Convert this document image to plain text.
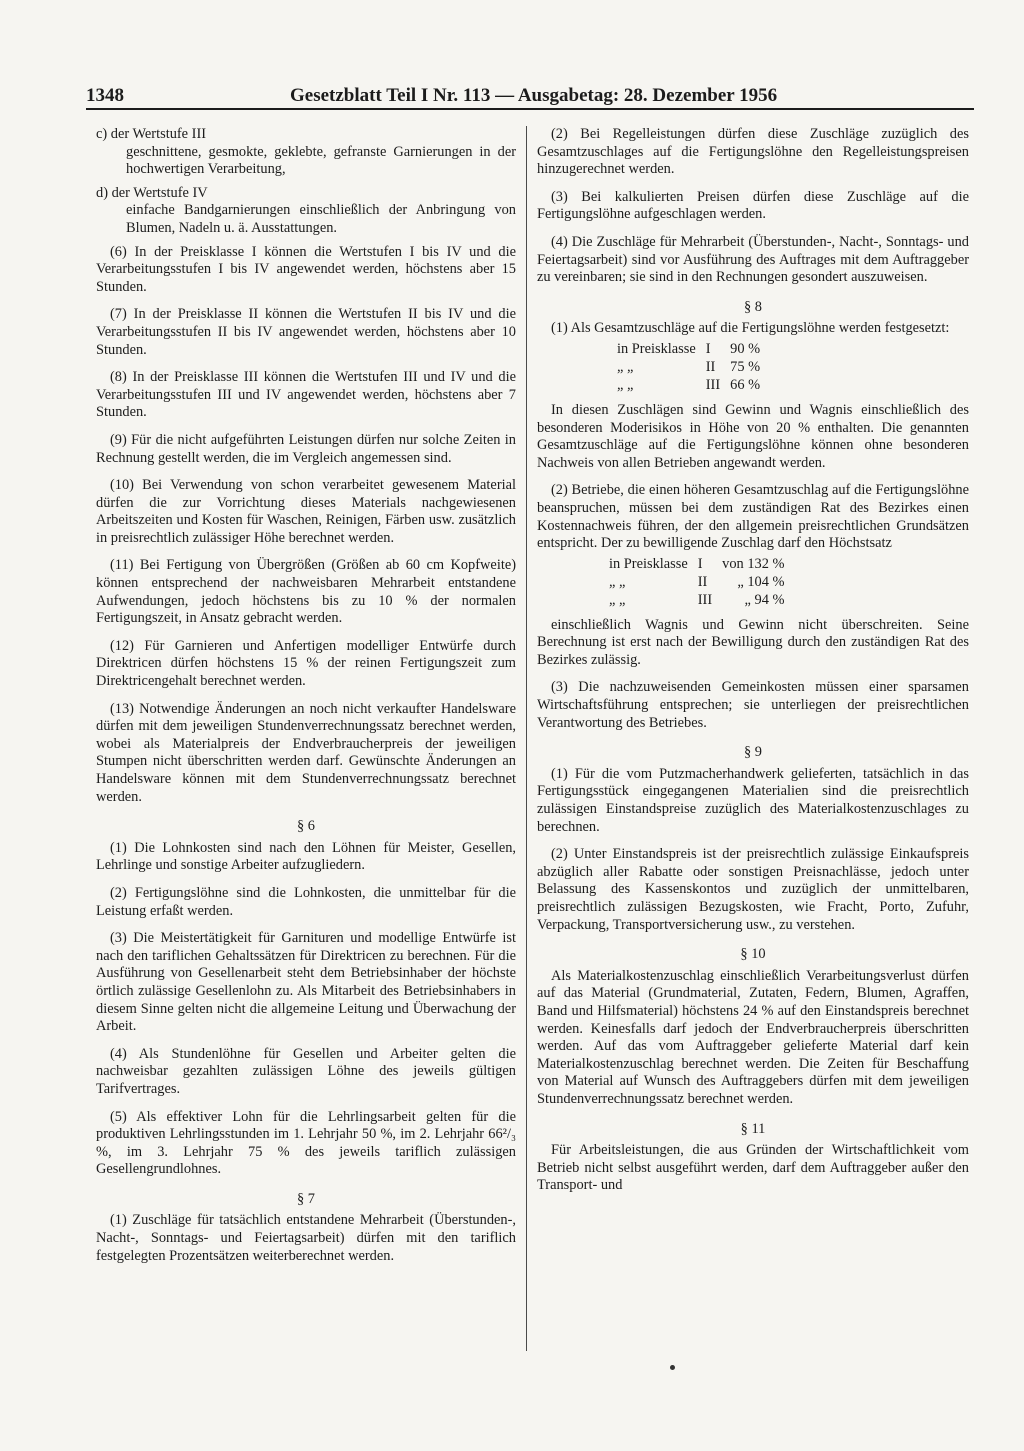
1348	Gesetzblatt Teil I Nr. 113 — Ausgabetag: 28. Dezember 1956
c) der Wertstufe III
geschnittene, gesmokte, geklebte, gefranste Garnierungen in der hochwertigen Verarbeitung,
d) der Wertstufe IV
einfache Bandgarnierungen einschließlich der Anbringung von Blumen, Nadeln u. ä. Ausstattungen.

(6) In der Preisklasse I können die Wertstufen I bis IV und die Verarbeitungsstufen I bis IV angewendet werden, höchstens aber 15 Stunden.

(7) In der Preisklasse II können die Wertstufen II bis IV und die Verarbeitungsstufen II bis IV angewendet werden, höchstens aber 10 Stunden.

(8) In der Preisklasse III können die Wertstufen III und IV und die Verarbeitungsstufen III und IV angewendet werden, höchstens aber 7 Stunden.

(9) Für die nicht aufgeführten Leistungen dürfen nur solche Zeiten in Rechnung gestellt werden, die im Vergleich angemessen sind.

(10) Bei Verwendung von schon verarbeitet gewesenem Material dürfen die zur Vorrichtung dieses Materials nachgewiesenen Arbeitszeiten und Kosten für Waschen, Reinigen, Färben usw. zusätzlich in preisrechtlich zulässiger Höhe berechnet werden.

(11) Bei Fertigung von Übergrößen (Größen ab 60 cm Kopfweite) können entsprechend der nachweisbaren Mehrarbeit entstandene Aufwendungen, jedoch höchstens bis zu 10 % der normalen Fertigungszeit, in Ansatz gebracht werden.

(12) Für Garnieren und Anfertigen modelliger Entwürfe durch Direktricen dürfen höchstens 15 % der reinen Fertigungszeit zum Direktricengehalt berechnet werden.

(13) Notwendige Änderungen an noch nicht verkaufter Handelsware dürfen mit dem jeweiligen Stundenverrechnungssatz berechnet werden, wobei als Materialpreis der Endverbraucherpreis der jeweiligen Stumpen nicht überschritten werden darf. Gewünschte Änderungen an Handelsware können mit dem Stundenverrechnungssatz berechnet werden.

§ 6

(1) Die Lohnkosten sind nach den Löhnen für Meister, Gesellen, Lehrlinge und sonstige Arbeiter aufzugliedern.

(2) Fertigungslöhne sind die Lohnkosten, die unmittelbar für die Leistung erfaßt werden.

(3) Die Meistertätigkeit für Garnituren und modellige Entwürfe ist nach den tariflichen Gehaltssätzen für Direktricen zu berechnen. Für die Ausführung von Gesellenarbeit steht dem Betriebsinhaber der höchste örtlich zulässige Gesellenlohn zu. Als Mitarbeit des Betriebsinhabers in diesem Sinne gelten nicht die allgemeine Leitung und Überwachung der Arbeit.

(4) Als Stundenlöhne für Gesellen und Arbeiter gelten die nachweisbar gezahlten zulässigen Löhne des jeweils gültigen Tarifvertrages.

(5) Als effektiver Lohn für die Lehrlingsarbeit gelten für die produktiven Lehrlingsstunden im 1. Lehrjahr 50 %, im 2. Lehrjahr 66²/₃ %, im 3. Lehrjahr 75 % des jeweils tariflich zulässigen Gesellengrundlohnes.

§ 7

(1) Zuschläge für tatsächlich entstandene Mehrarbeit (Überstunden-, Nacht-, Sonntags- und Feiertagsarbeit) dürfen mit den tariflich festgelegten Prozentsätzen weiterberechnet werden.

(2) Bei Regelleistungen dürfen diese Zuschläge zuzüglich des Gesamtzuschlages auf die Fertigungslöhne den Regelleistungspreisen hinzugerechnet werden.

(3) Bei kalkulierten Preisen dürfen diese Zuschläge auf die Fertigungslöhne aufgeschlagen werden.

(4) Die Zuschläge für Mehrarbeit (Überstunden-, Nacht-, Sonntags- und Feiertagsarbeit) sind vor Ausführung des Auftrages mit dem Auftraggeber zu vereinbaren; sie sind in den Rechnungen gesondert auszuweisen.

§ 8

(1) Als Gesamtzuschläge auf die Fertigungslöhne werden festgesetzt:

in Preisklasse	I	90 %
„ „	II	75 %
„ „	III	66 %

In diesen Zuschlägen sind Gewinn und Wagnis einschließlich des besonderen Moderisikos in Höhe von 20 % enthalten. Die genannten Gesamtzuschläge auf die Fertigungslöhne können ohne besonderen Nachweis von allen Betrieben angewandt werden.

(2) Betriebe, die einen höheren Gesamtzuschlag auf die Fertigungslöhne beanspruchen, müssen bei dem zuständigen Rat des Bezirkes einen Kostennachweis führen, der den allgemein preisrechtlichen Grundsätzen entspricht. Der zu bewilligende Zuschlag darf den Höchstsatz

in Preisklasse	I	von 132 %
„ „	II	„ 104 %
„ „	III	„ 94 %

einschließlich Wagnis und Gewinn nicht überschreiten. Seine Berechnung ist erst nach der Bewilligung durch den zuständigen Rat des Bezirkes zulässig.

(3) Die nachzuweisenden Gemeinkosten müssen einer sparsamen Wirtschaftsführung entsprechen; sie unterliegen der preisrechtlichen Verantwortung des Betriebes.

§ 9

(1) Für die vom Putzmacherhandwerk gelieferten, tatsächlich in das Fertigungsstück eingegangenen Materialien sind die preisrechtlich zulässigen Einstandspreise zuzüglich des Materialkostenzuschlages zu berechnen.

(2) Unter Einstandspreis ist der preisrechtlich zulässige Einkaufspreis abzüglich aller Rabatte oder sonstigen Preisnachlässe, jedoch unter Belassung des Kassenskontos und zuzüglich der unmittelbaren, preisrechtlich zulässigen Bezugskosten, wie Fracht, Porto, Zufuhr, Verpackung, Transportversicherung usw., zu verstehen.

§ 10

Als Materialkostenzuschlag einschließlich Verarbeitungsverlust dürfen auf das Material (Grundmaterial, Zutaten, Federn, Blumen, Agraffen, Band und Hilfsmaterial) höchstens 24 % auf den Einstandspreis berechnet werden. Keinesfalls darf jedoch der Endverbraucherpreis überschritten werden. Auf das vom Auftraggeber gelieferte Material darf kein Materialkostenzuschlag berechnet werden. Die Zeiten für Beschaffung von Material auf Wunsch des Auftraggebers dürfen mit dem jeweiligen Stundenverrechnungssatz berechnet werden.

§ 11

Für Arbeitsleistungen, die aus Gründen der Wirtschaftlichkeit vom Betrieb nicht selbst ausgeführt werden, darf dem Auftraggeber außer den Transport- und
